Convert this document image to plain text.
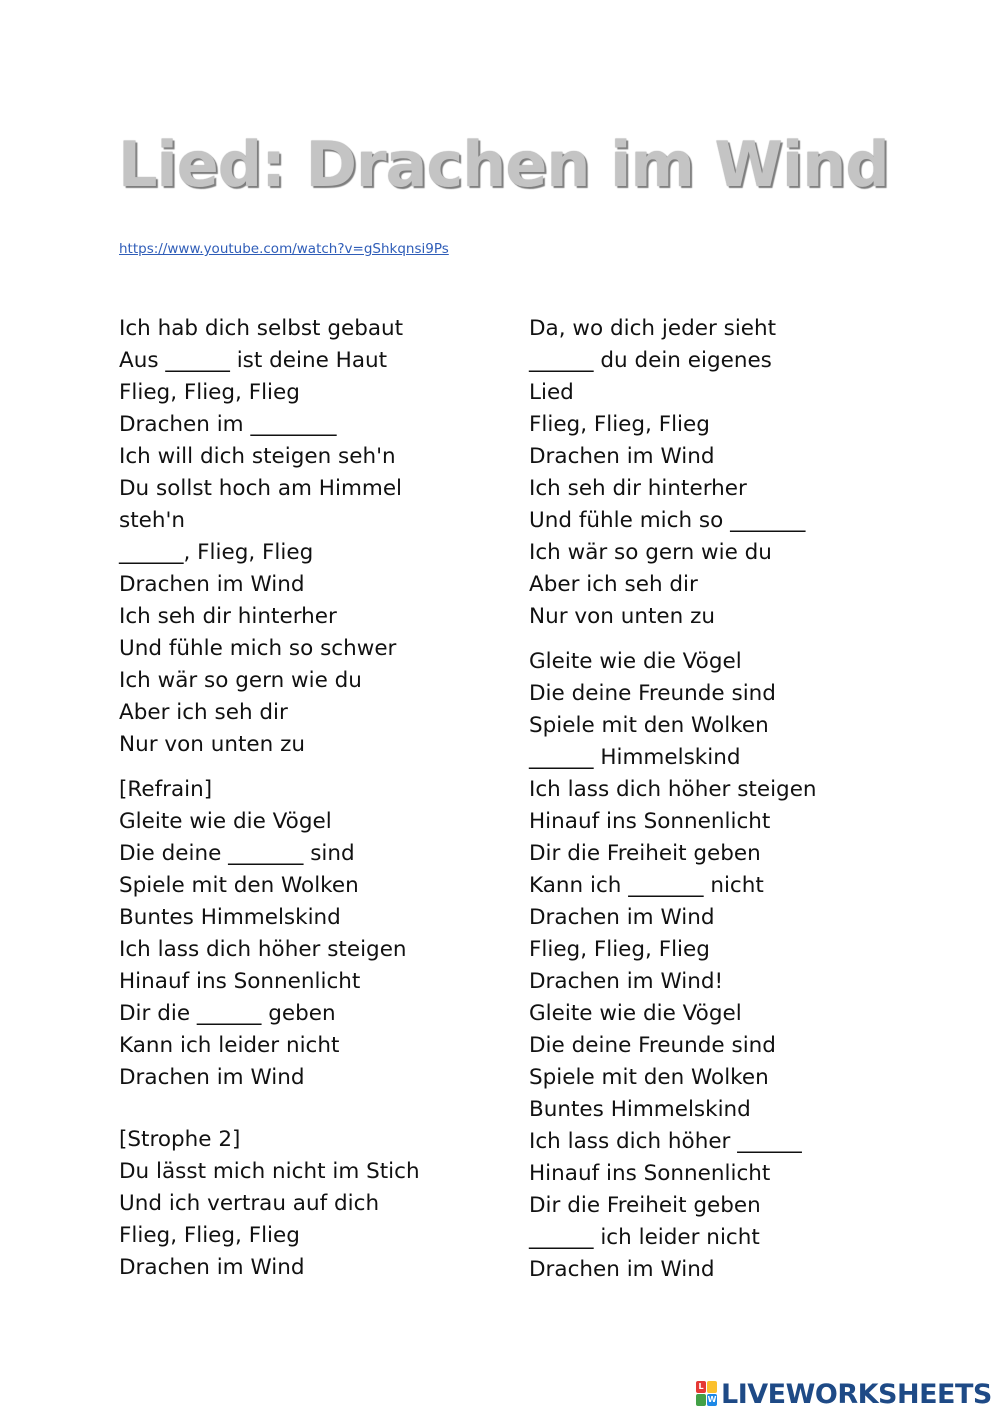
Lied: Drachen im Wind
https://www.youtube.com/watch?v=gShkqnsi9Ps
Ich hab dich selbst gebaut
Aus ______ ist deine Haut
Flieg, Flieg, Flieg
Drachen im ________
Ich will dich steigen seh'n
Du sollst hoch am Himmel
steh'n
______, Flieg, Flieg
Drachen im Wind
Ich seh dir hinterher
Und fühle mich so schwer
Ich wär so gern wie du
Aber ich seh dir
Nur von unten zu
[Refrain]
Gleite wie die Vögel
Die deine _______ sind
Spiele mit den Wolken
Buntes Himmelskind
Ich lass dich höher steigen
Hinauf ins Sonnenlicht
Dir die ______ geben
Kann ich leider nicht
Drachen im Wind
[Strophe 2]
Du lässt mich nicht im Stich
Und ich vertrau auf dich
Flieg, Flieg, Flieg
Drachen im Wind
Da, wo dich jeder sieht
______ du dein eigenes
Lied
Flieg, Flieg, Flieg
Drachen im Wind
Ich seh dir hinterher
Und fühle mich so _______
Ich wär so gern wie du
Aber ich seh dir
Nur von unten zu
Gleite wie die Vögel
Die deine Freunde sind
Spiele mit den Wolken
______ Himmelskind
Ich lass dich höher steigen
Hinauf ins Sonnenlicht
Dir die Freiheit geben
Kann ich _______ nicht
Drachen im Wind
Flieg, Flieg, Flieg
Drachen im Wind!
Gleite wie die Vögel
Die deine Freunde sind
Spiele mit den Wolken
Buntes Himmelskind
Ich lass dich höher ______
Hinauf ins Sonnenlicht
Dir die Freiheit geben
______ ich leider nicht
Drachen im Wind
L
W LIVEWORKSHEETS
